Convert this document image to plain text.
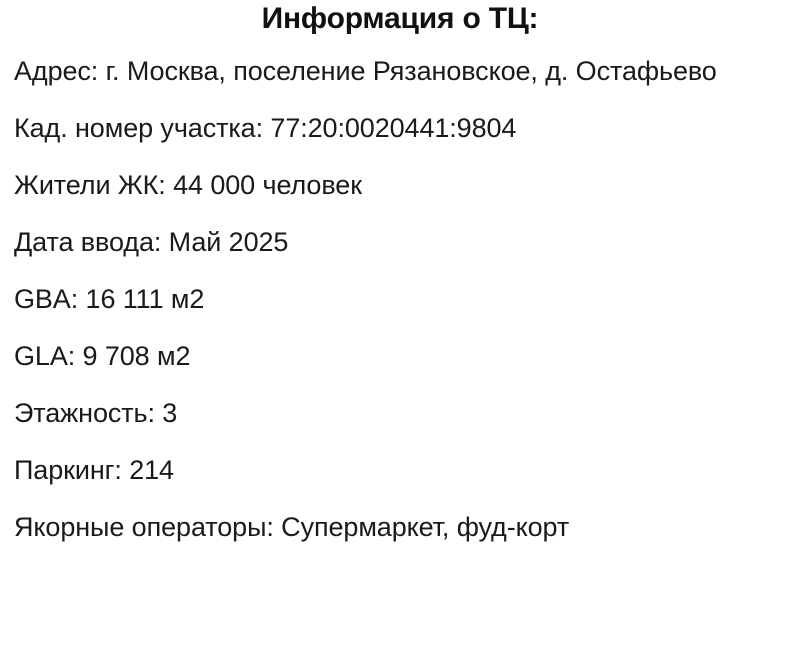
Информация о ТЦ:
Адрес: г. Москва, поселение Рязановское, д. Остафьево
Кад. номер участка: 77:20:0020441:9804
Жители ЖК: 44 000 человек
Дата ввода: Май 2025
GBA: 16 111 м2
GLA: 9 708 м2
Этажность: 3
Паркинг: 214
Якорные операторы: Супермаркет, фуд-корт
